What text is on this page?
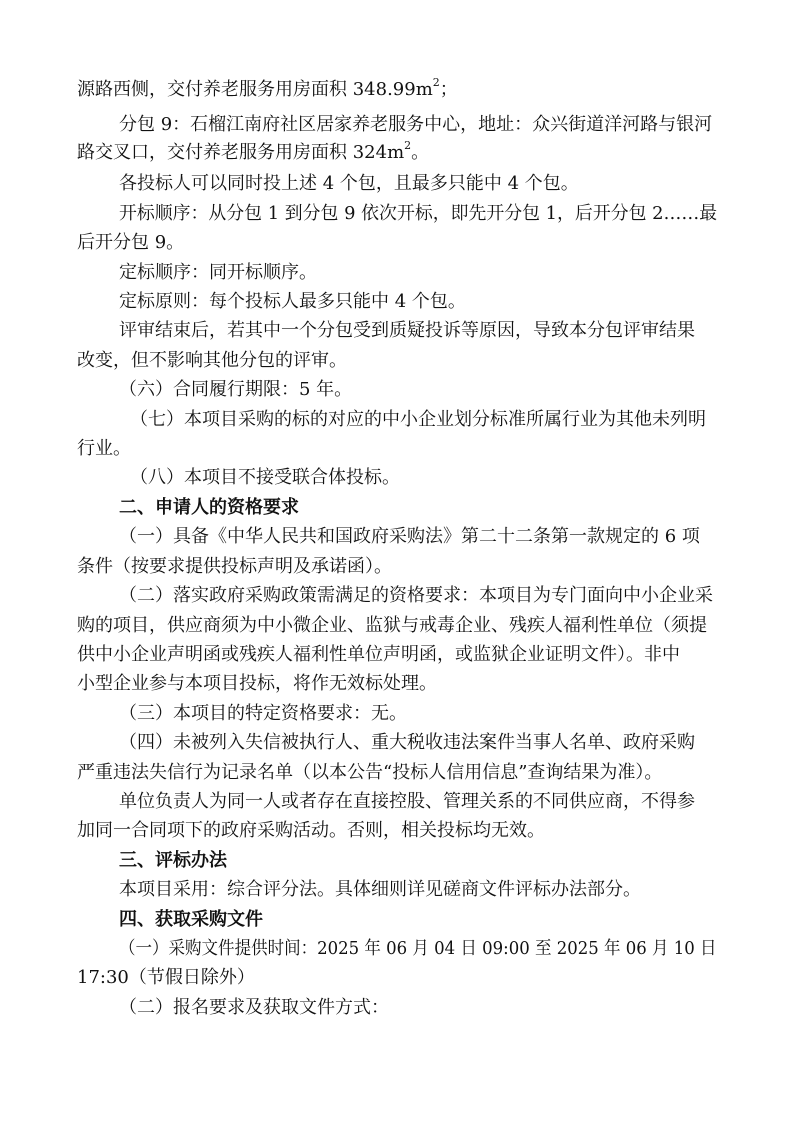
源路西侧，交付养老服务用房面积 $348.99m^2$；
分包 9：石榴江南府社区居家养老服务中心，地址：众兴街道洋河路与银河
路交叉口，交付养老服务用房面积 $324m^2$。
各投标人可以同时投上述 4 个包，且最多只能中 4 个包。
开标顺序：从分包 1 到分包 9 依次开标，即先开分包 1，后开分包 2……最
后开分包 9。
定标顺序：同开标顺序。
定标原则：每个投标人最多只能中 4 个包。
评审结束后，若其中一个分包受到质疑投诉等原因，导致本分包评审结果
改变，但不影响其他分包的评审。
（六）合同履行期限：5 年。
（七）本项目采购的标的对应的中小企业划分标准所属行业为其他未列明
行业。
（八）本项目不接受联合体投标。
二、申请人的资格要求
（一）具备《中华人民共和国政府采购法》第二十二条第一款规定的 6 项
条件（按要求提供投标声明及承诺函）。
（二）落实政府采购政策需满足的资格要求：本项目为专门面向中小企业采
购的项目，供应商须为中小微企业、监狱与戒毒企业、残疾人福利性单位（须提
供中小企业声明函或残疾人福利性单位声明函，或监狱企业证明文件）。非中
小型企业参与本项目投标，将作无效标处理。
（三）本项目的特定资格要求：无。
（四）未被列入失信被执行人、重大税收违法案件当事人名单、政府采购
严重违法失信行为记录名单（以本公告“投标人信用信息”查询结果为准）。
单位负责人为同一人或者存在直接控股、管理关系的不同供应商，不得参
加同一合同项下的政府采购活动。否则，相关投标均无效。
三、评标办法
本项目采用：综合评分法。具体细则详见磋商文件评标办法部分。
四、获取采购文件
（一）采购文件提供时间：2025 年 06 月 04 日 09:00 至 2025 年 06 月 10 日
17:30（节假日除外）
（二）报名要求及获取文件方式：
